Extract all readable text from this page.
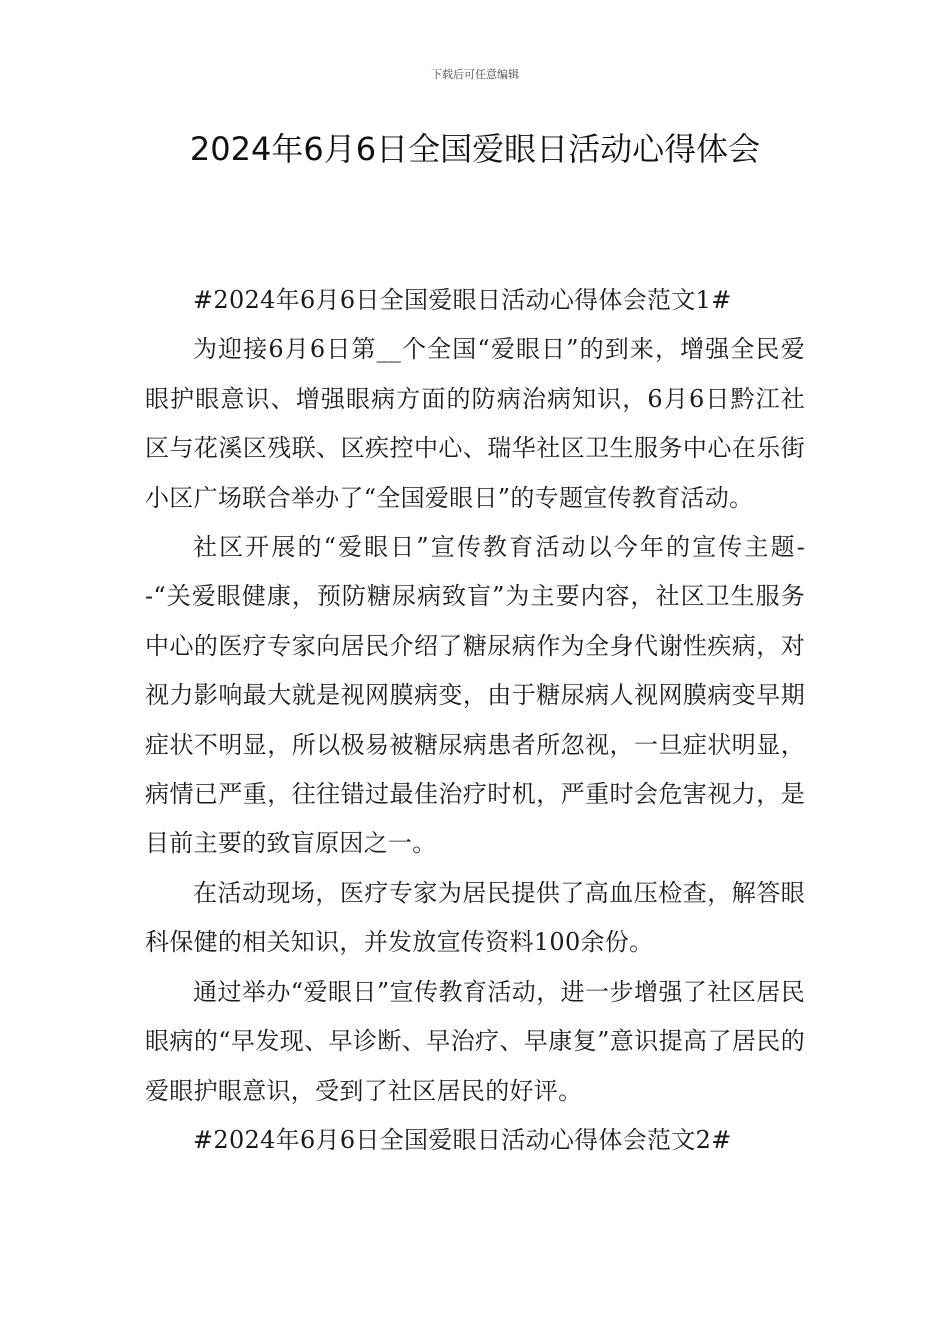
下载后可任意编辑
2024年6月6日全国爱眼日活动心得体会

#2024年6月6日全国爱眼日活动心得体会范文1#

为迎接6月6日第__个全国“爱眼日”的到来，增强全民爱眼护眼意识、增强眼病方面的防病治病知识，6月6日黔江社区与花溪区残联、区疾控中心、瑞华社区卫生服务中心在乐街小区广场联合举办了“全国爱眼日”的专题宣传教育活动。

社区开展的“爱眼日”宣传教育活动以今年的宣传主题--“关爱眼健康，预防糖尿病致盲”为主要内容，社区卫生服务中心的医疗专家向居民介绍了糖尿病作为全身代谢性疾病，对视力影响最大就是视网膜病变，由于糖尿病人视网膜病变早期症状不明显，所以极易被糖尿病患者所忽视，一旦症状明显，病情已严重，往往错过最佳治疗时机，严重时会危害视力，是目前主要的致盲原因之一。

在活动现场，医疗专家为居民提供了高血压检查，解答眼科保健的相关知识，并发放宣传资料100余份。

通过举办“爱眼日”宣传教育活动，进一步增强了社区居民眼病的“早发现、早诊断、早治疗、早康复”意识提高了居民的爱眼护眼意识，受到了社区居民的好评。

#2024年6月6日全国爱眼日活动心得体会范文2#
